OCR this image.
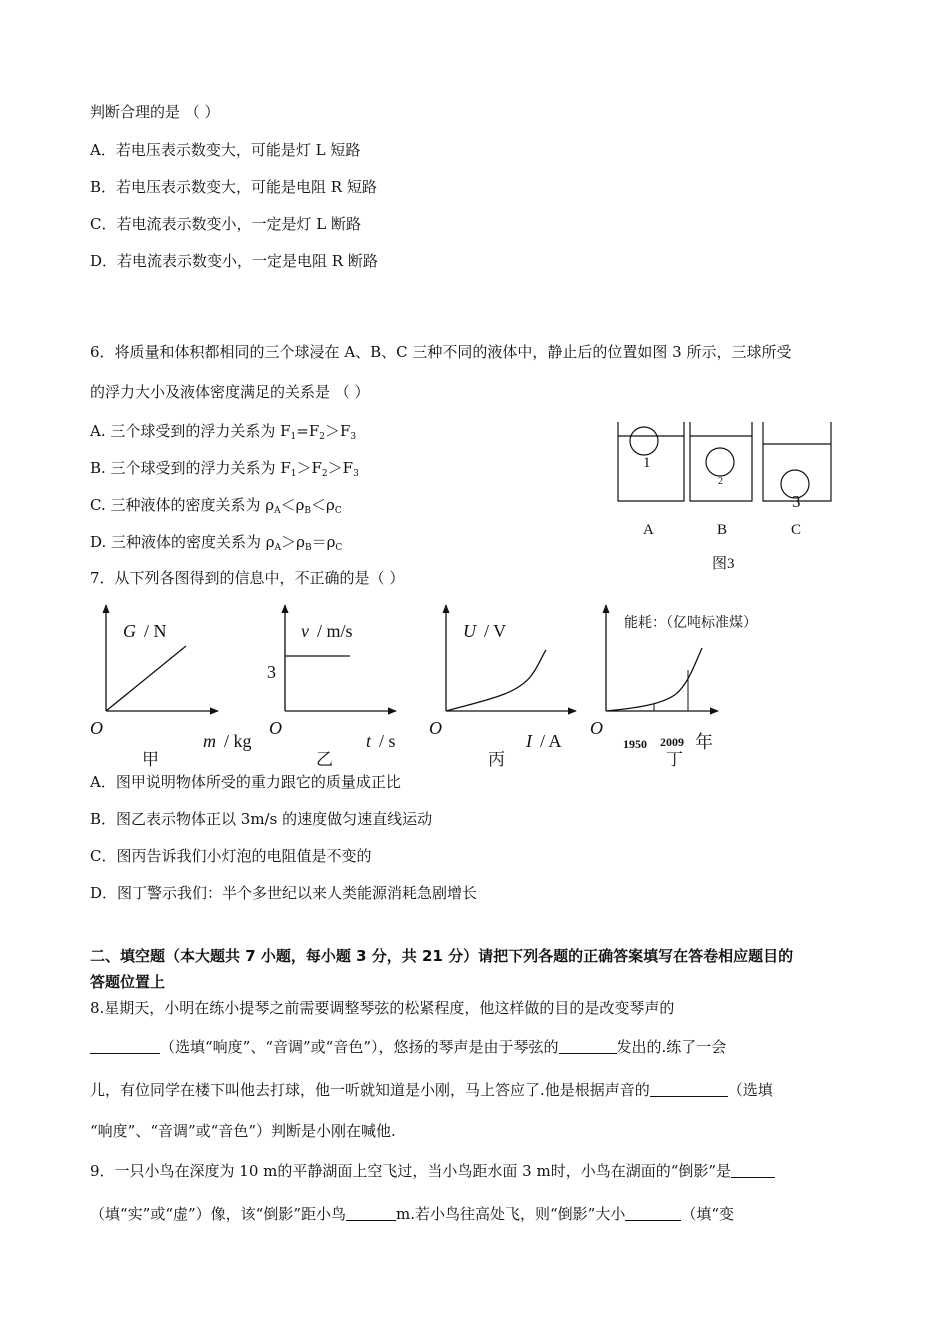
判断合理的是 （ ）
A．若电压表示数变大，可能是灯 L 短路
B．若电压表示数变大，可能是电阻 R 短路
C．若电流表示数变小，一定是灯 L 断路
D．若电流表示数变小，一定是电阻 R 断路
6．将质量和体积都相同的三个球浸在 A、B、C 三种不同的液体中，静止后的位置如图 3 所示，三球所受
的浮力大小及液体密度满足的关系是 （ ）
A. 三个球受到的浮力关系为 $F_1=F_2>F_3$
B. 三个球受到的浮力关系为 $F_1>F_2>F_3$
C. 三种液体的密度关系为 $\rho_A<\rho_B<\rho_C$
D. 三种液体的密度关系为 $\rho_A>\rho_B=\rho_C$
1
2
3
A	B	C
图3
7．从下列各图得到的信息中，不正确的是（ ）
G / N
O
m / kg
甲
v / m/s
3
O
t / s
乙
U / V
O
I / A
丙
能耗：（亿吨标准煤）
O
1950 2009 年
丁
A．图甲说明物体所受的重力跟它的质量成正比
B．图乙表示物体正以 3m/s 的速度做匀速直线运动
C．图丙告诉我们小灯泡的电阻值是不变的
D．图丁警示我们：半个多世纪以来人类能源消耗急剧增长
二、填空题（本大题共 7 小题，每小题 3 分，共 21 分）请把下列各题的正确答案填写在答卷相应题目的
答题位置上
8.星期天，小明在练小提琴之前需要调整琴弦的松紧程度，他这样做的目的是改变琴声的
（选填“响度”、“音调”或“音色”），悠扬的琴声是由于琴弦的	发出的.练了一会
儿，有位同学在楼下叫他去打球，他一听就知道是小刚，马上答应了.他是根据声音的	（选填
“响度”、“音调”或“音色”）判断是小刚在喊他.
9．一只小鸟在深度为 10 m的平静湖面上空飞过，当小鸟距水面 3 m时，小鸟在湖面的“倒影”是
（填“实”或“虚”）像，该“倒影”距小鸟	m.若小鸟往高处飞，则“倒影”大小	（填“变
